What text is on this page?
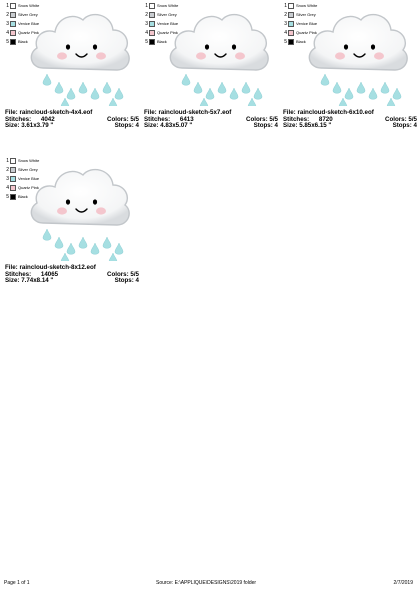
1 Snow White
2 Silver Grey
3 Venice Blue
4 Quartz Pink
5 Black
File: raincloud-sketch-4x4.eof
Stitches: 4042	Colors: 5/5
Size: 3.61x3.79 "	Stops: 4
1 Snow White
2 Silver Grey
3 Venice Blue
4 Quartz Pink
5 Black
File: raincloud-sketch-5x7.eof
Stitches: 6413	Colors: 5/5
Size: 4.83x5.07 "	Stops: 4
1 Snow White
2 Silver Grey
3 Venice Blue
4 Quartz Pink
5 Black
File: raincloud-sketch-6x10.eof
Stitches: 8720	Colors: 5/5
Size: 5.85x6.15 "	Stops: 4
1 Snow White
2 Silver Grey
3 Venice Blue
4 Quartz Pink
5 Black
File: raincloud-sketch-8x12.eof
Stitches: 14065	Colors: 5/5
Size: 7.74x8.14 "	Stops: 4
Page 1 of 1	Source: E:\APPLIQUE\DESIGNS\2019 folder	2/7/2019
